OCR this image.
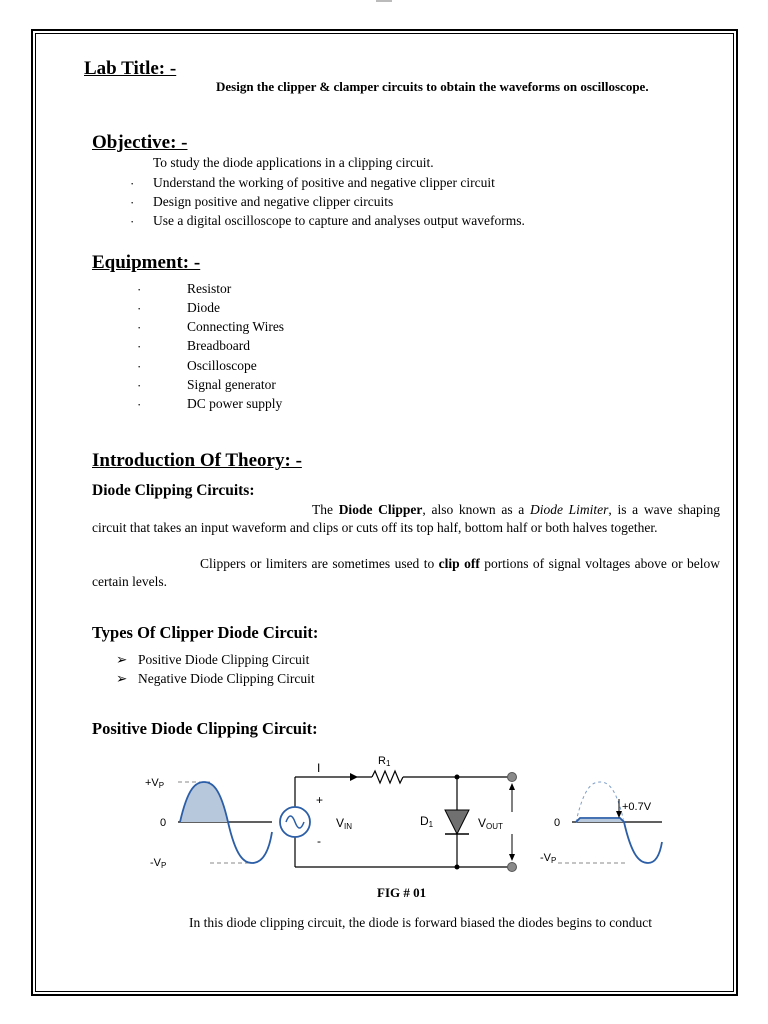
Lab Title: -
Design the clipper & clamper circuits to obtain the waveforms on oscilloscope.
Objective: -
To study the diode applications in a clipping circuit.
· Understand the working of positive and negative clipper circuit
· Design positive and negative clipper circuits
· Use a digital oscilloscope to capture and analyses output waveforms.
Equipment: -
·	Resistor
·	Diode
·	Connecting Wires
·	Breadboard
·	Oscilloscope
·	Signal generator
·	DC power supply
Introduction Of Theory: -
Diode Clipping Circuits:
The Diode Clipper, also known as a Diode Limiter, is a wave shaping circuit that takes an input waveform and clips or cuts off its top half, bottom half or both halves together.
Clippers or limiters are sometimes used to clip off portions of signal voltages above or below certain levels.
Types Of Clipper Diode Circuit:
➢ Positive Diode Clipping Circuit
➢ Negative Diode Clipping Circuit
Positive Diode Clipping Circuit:
+VP
0
-VP
I	R1
+
-
VIN	D1	VOUT
+0.7V
0
-VP
FIG # 01
In this diode clipping circuit, the diode is forward biased the diodes begins to conduct
